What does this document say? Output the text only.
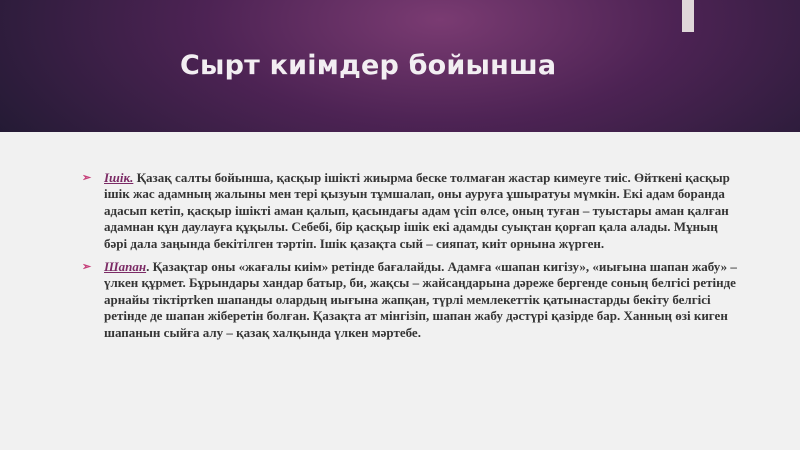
Сырт киімдер бойынша
➢ Ішік. Қазақ салты бойынша, қасқыр ішікті жиырма беске толмаған жастар кимеуге тиіс. Өйткені қасқыр ішік жас адамның жалыны мен тері қызуын тұмшалап, оны ауруға ұшыратуы мүмкін. Екі адам боранда адасып кетіп, қасқыр ішікті аман қалып, қасындағы адам үсіп өлсе, оның туған – туыстары аман қалған адамнан құн даулауға құқылы. Себебі, бір қасқыр ішік екі адамды суықтан қорғап қала алады. Мұның бәрі дала заңында бекітілген тәртіп. Ішік қазақта сый – сияпат, киіт орнына жүрген.
➢ Шапан. Қазақтар оны «жағалы киім» ретінде бағалайды. Адамға «шапан кигізу», «иығына шапан жабу» – үлкен құрмет. Бұрындары хандар батыр, би, жақсы – жайсаңдарына дәреже бергенде соның белгісі ретінде арнайы тіктіртken шапанды олардың иығына жапқан, түрлі мемлекеттік қатынастарды бекіту белгісі ретінде де шапан жіберетін болған. Қазақта ат мінгізіп, шапан жабу дәстүрі қазірде бар. Ханның өзі киген шапанын сыйға алу – қазақ халқында үлкен мәртебе.
